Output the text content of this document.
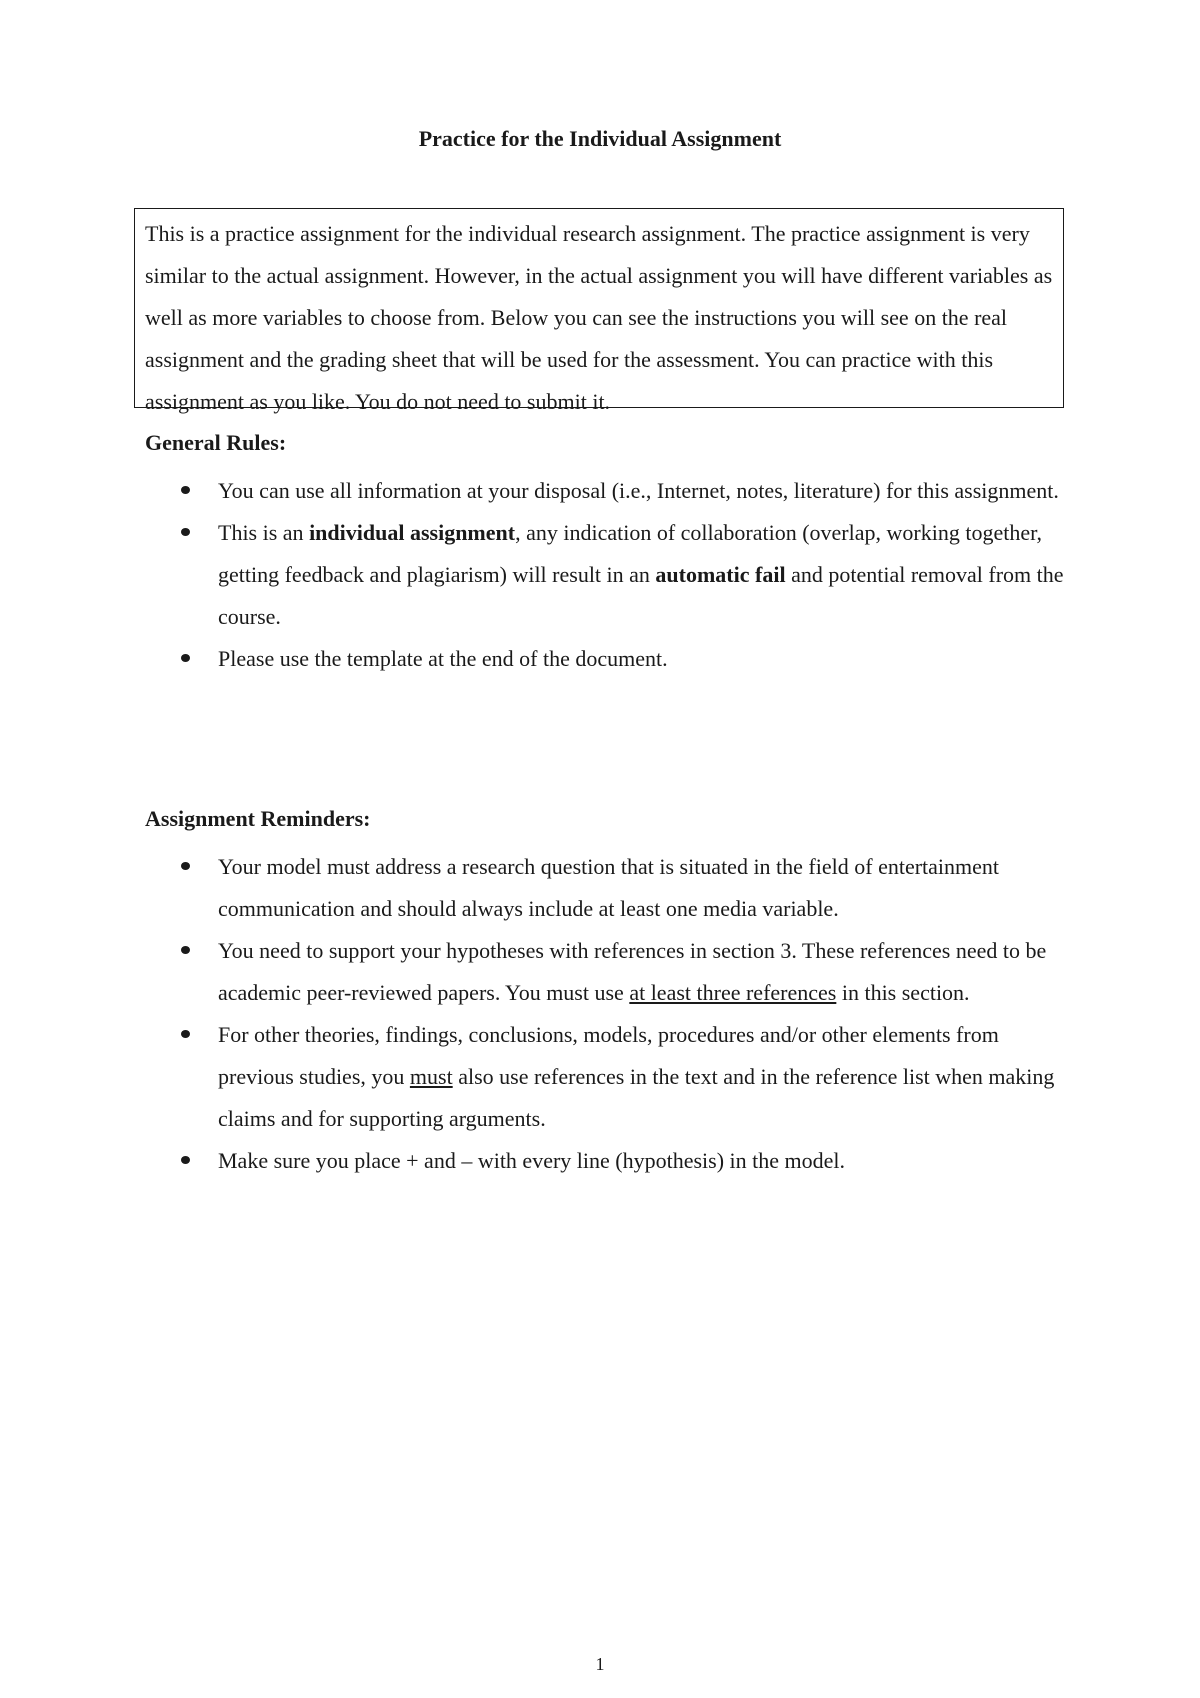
Practice for the Individual Assignment

This is a practice assignment for the individual research assignment. The practice assignment is very similar to the actual assignment. However, in the actual assignment you will have different variables as well as more variables to choose from. Below you can see the instructions you will see on the real assignment and the grading sheet that will be used for the assessment. You can practice with this assignment as you like. You do not need to submit it.

General Rules:
You can use all information at your disposal (i.e., Internet, notes, literature) for this assignment.
This is an individual assignment, any indication of collaboration (overlap, working together, getting feedback and plagiarism) will result in an automatic fail and potential removal from the course.
Please use the template at the end of the document.
Assignment Reminders:
Your model must address a research question that is situated in the field of entertainment communication and should always include at least one media variable.
You need to support your hypotheses with references in section 3. These references need to be academic peer-reviewed papers. You must use at least three references in this section.
For other theories, findings, conclusions, models, procedures and/or other elements from previous studies, you must also use references in the text and in the reference list when making claims and for supporting arguments.
Make sure you place + and – with every line (hypothesis) in the model.
1
